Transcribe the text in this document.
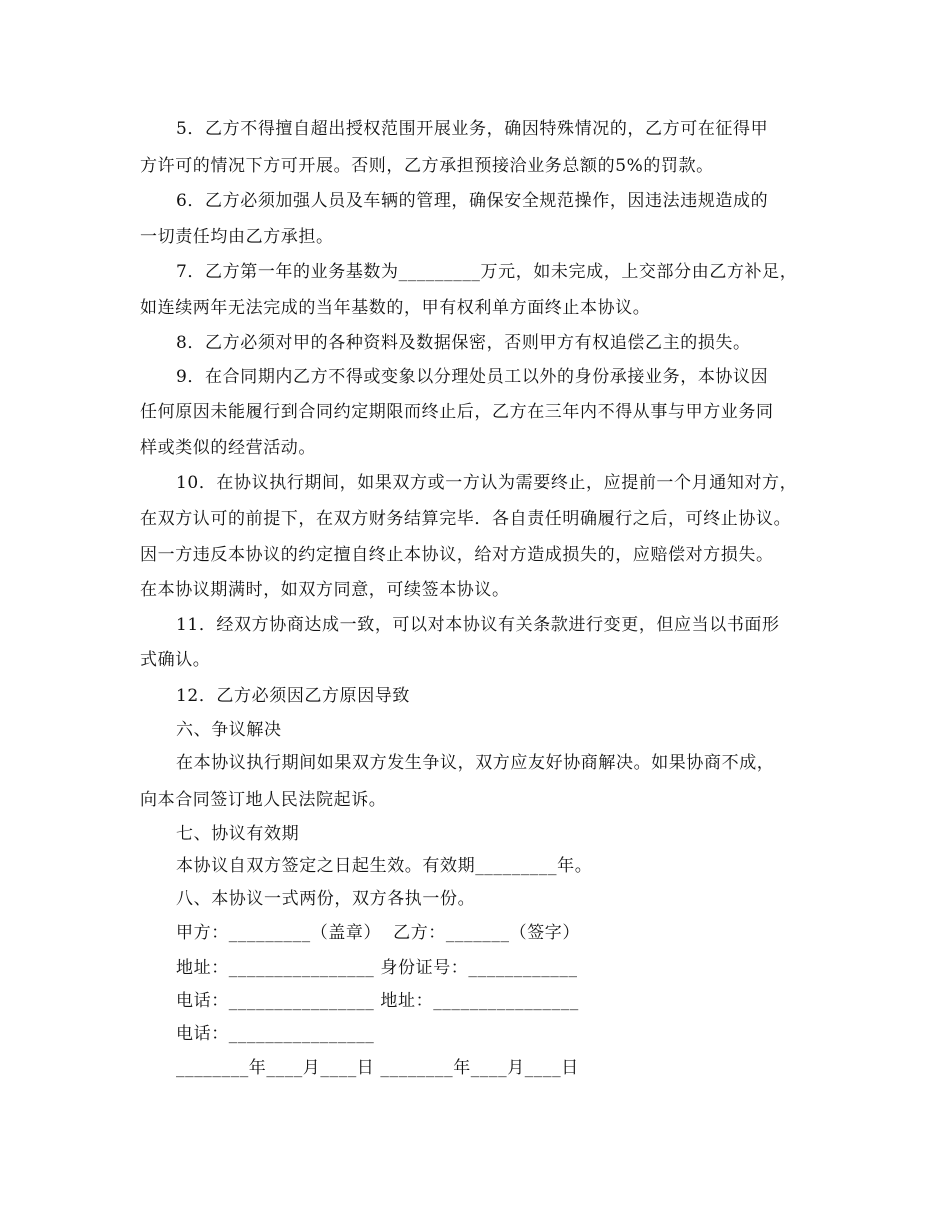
5．乙方不得擅自超出授权范围开展业务，确因特殊情况的，乙方可在征得甲
方许可的情况下方可开展。否则，乙方承担预接洽业务总额的5%的罚款。
6．乙方必须加强人员及车辆的管理，确保安全规范操作，因违法违规造成的
一切责任均由乙方承担。
7．乙方第一年的业务基数为_________万元，如未完成，上交部分由乙方补足，
如连续两年无法完成的当年基数的，甲有权利单方面终止本协议。
8．乙方必须对甲的各种资料及数据保密，否则甲方有权追偿乙主的损失。
9．在合同期内乙方不得或变象以分理处员工以外的身份承接业务，本协议因
任何原因未能履行到合同约定期限而终止后，乙方在三年内不得从事与甲方业务同
样或类似的经营活动。
10．在协议执行期间，如果双方或一方认为需要终止，应提前一个月通知对方，
在双方认可的前提下，在双方财务结算完毕．各自责任明确履行之后，可终止协议。
因一方违反本协议的约定擅自终止本协议，给对方造成损失的，应赔偿对方损失。
在本协议期满时，如双方同意，可续签本协议。
11．经双方协商达成一致，可以对本协议有关条款进行变更，但应当以书面形
式确认。
12．乙方必须因乙方原因导致
六、争议解决
在本协议执行期间如果双方发生争议，双方应友好协商解决。如果协商不成，
向本合同签订地人民法院起诉。
七、协议有效期
本协议自双方签定之日起生效。有效期_________年。
八、本协议一式两份，双方各执一份。
甲方：_________（盖章）  乙方：_______（签字）
地址：________________ 身份证号：____________
电话：________________ 地址：________________
电话：________________
________年____月____日 ________年____月____日
